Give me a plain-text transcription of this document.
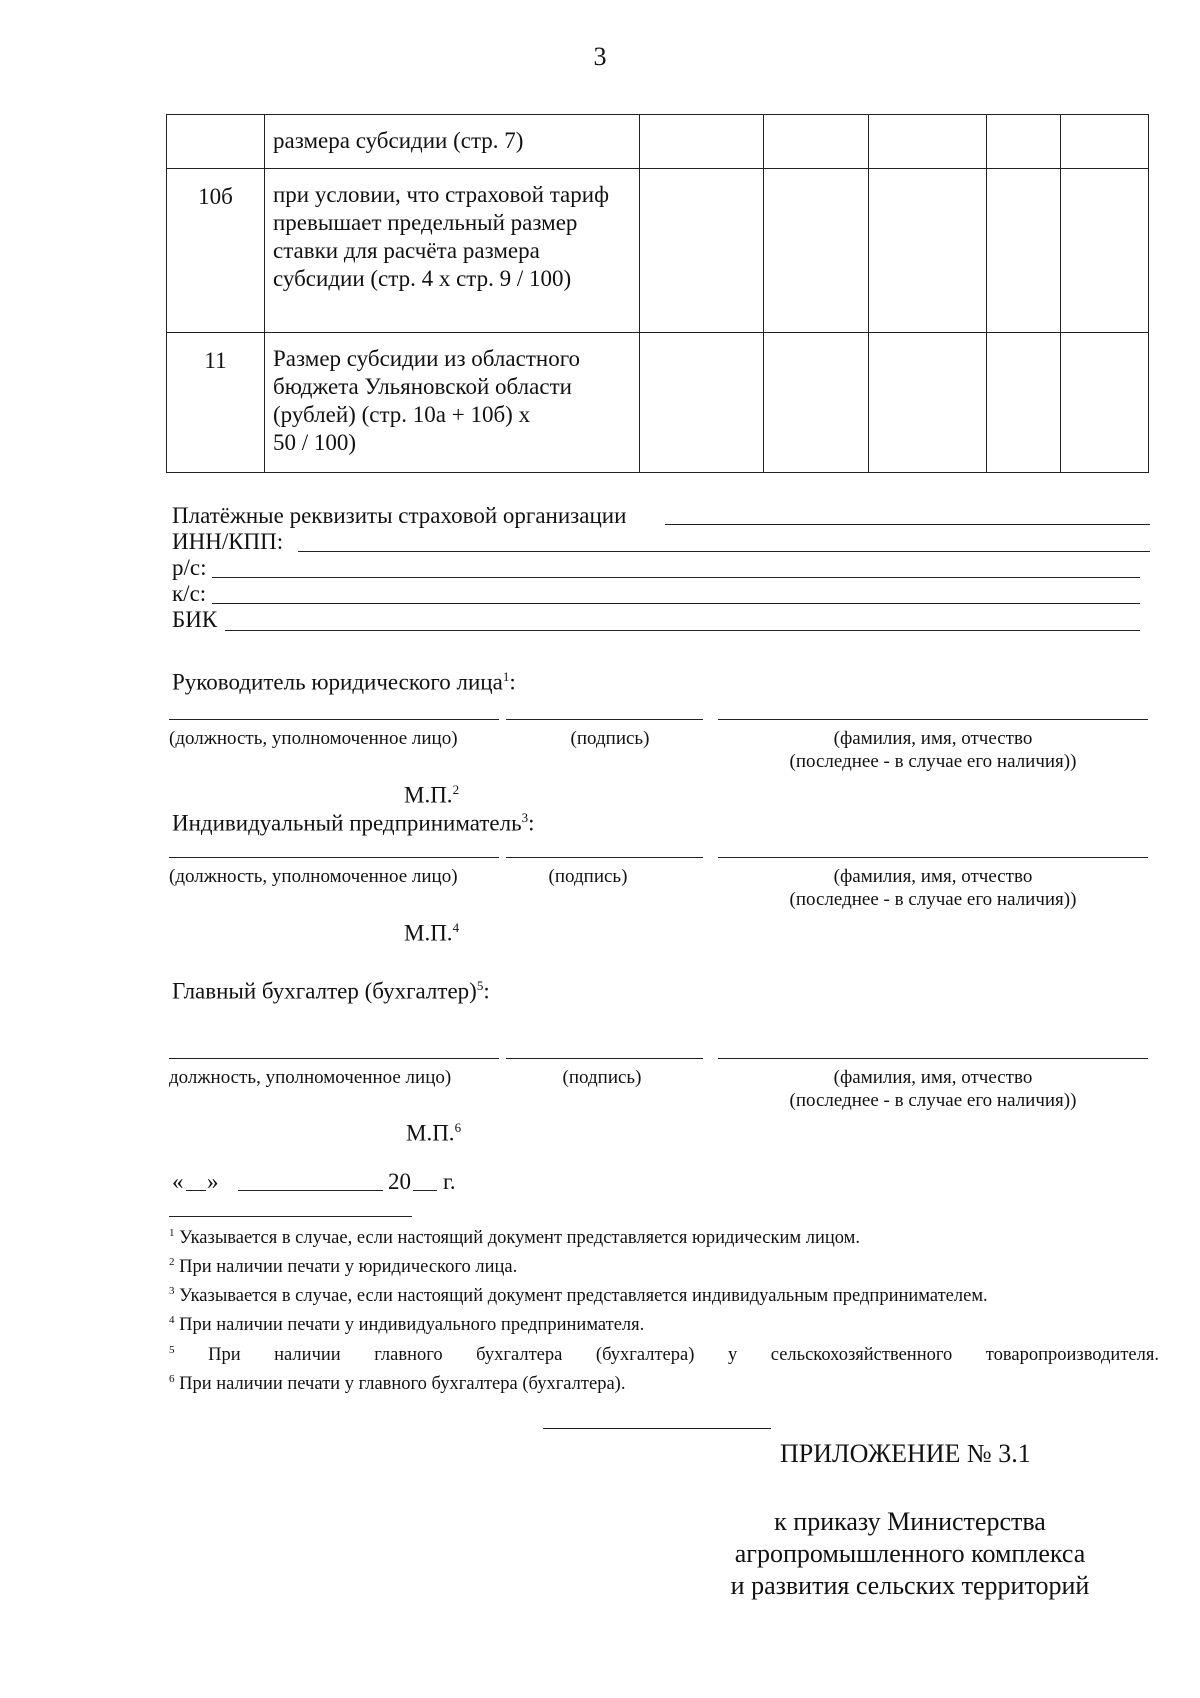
3

	размера субсидии (стр. 7)					

10б	при условии, что страховой тариф
превышает предельный размер
ставки для расчёта размера
субсидии (стр. 4 х стр. 9 / 100)					

11	Размер субсидии из областного
бюджета Ульяновской области
(рублей) (стр. 10а + 10б) х
50 / 100)					

Платёжные реквизиты страховой организации
ИНН/КПП:
р/с:
к/с:
БИК
Руководитель юридического лица$^1$:
(должность, уполномоченное лицо)	(подпись)	(фамилия, имя, отчество
(последнее - в случае его наличия))
М.П.$^2$
Индивидуальный предприниматель$^3$:
(должность, уполномоченное лицо)	(подпись)	(фамилия, имя, отчество
(последнее - в случае его наличия))
М.П.$^4$
Главный бухгалтер (бухгалтер)$^5$:
должность, уполномоченное лицо)	(подпись)	(фамилия, имя, отчество
(последнее - в случае его наличия))
М.П.$^6$
« »	20 г.
$^1$ Указывается в случае, если настоящий документ представляется юридическим лицом.
$^2$ При наличии печати у юридического лица.
$^3$ Указывается в случае, если настоящий документ представляется индивидуальным предпринимателем.
$^4$ При наличии печати у индивидуального предпринимателя.
$^5$ При наличии главного бухгалтера (бухгалтера) у сельскохозяйственного товаропроизводителя.
$^6$ При наличии печати у главного бухгалтера (бухгалтера).
ПРИЛОЖЕНИЕ № 3.1
к приказу Министерства
агропромышленного комплекса
и развития сельских территорий
